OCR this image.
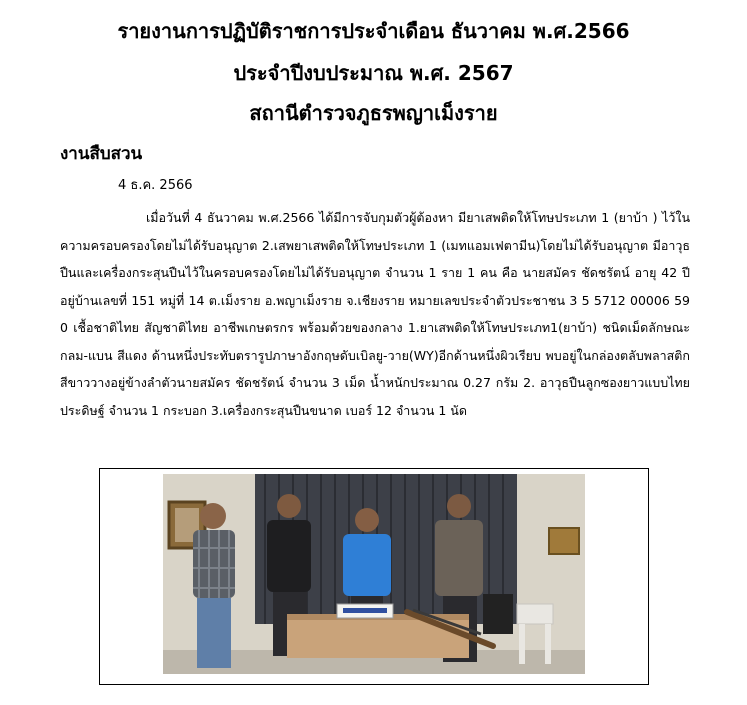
รายงานการปฏิบัติราชการประจำเดือน ธันวาคม พ.ศ.2566
ประจำปีงบประมาณ พ.ศ. 2567
สถานีตำรวจภูธรพญาเม็งราย
งานสืบสวน

4 ธ.ค. 2566

เมื่อวันที่ 4 ธันวาคม พ.ศ.2566 ได้มีการจับกุมตัวผู้ต้องหา มียาเสพติดให้โทษประเภท 1 (ยาบ้า ) ไว้ในความครอบครองโดยไม่ได้รับอนุญาต 2.เสพยาเสพติดให้โทษประเภท 1 (เมทแอมเฟตามีน)โดยไม่ได้รับอนุญาต มีอาวุธปืนและเครื่องกระสุนปืนไว้ในครอบครองโดยไม่ได้รับอนุญาต จำนวน 1 ราย 1 คน คือ นายสมัคร ชัดชรัตน์ อายุ 42 ปี อยู่บ้านเลขที่ 151 หมู่ที่ 14 ต.เม็งราย อ.พญาเม็งราย จ.เชียงราย หมายเลขประจำตัวประชาชน 3 5 5712 00006 59 0 เชื้อชาติไทย สัญชาติไทย อาชีพเกษตรกร พร้อมด้วยของกลาง 1.ยาเสพติดให้โทษประเภท1(ยาบ้า) ชนิดเม็ดลักษณะกลม-แบน สีแดง ด้านหนึ่งประทับตรารูปภาษาอังกฤษดับเบิลยู-วาย(WY)อีกด้านหนึ่งผิวเรียบ พบอยู่ในกล่องตลับพลาสติกสีขาววางอยู่ข้างลำตัวนายสมัคร ชัดชรัตน์ จำนวน 3 เม็ด น้ำหนักประมาณ 0.27 กรัม 2. อาวุธปืนลูกซองยาวแบบไทยประดิษฐ์ จำนวน 1 กระบอก 3.เครื่องกระสุนปืนขนาด เบอร์ 12 จำนวน 1 นัด
